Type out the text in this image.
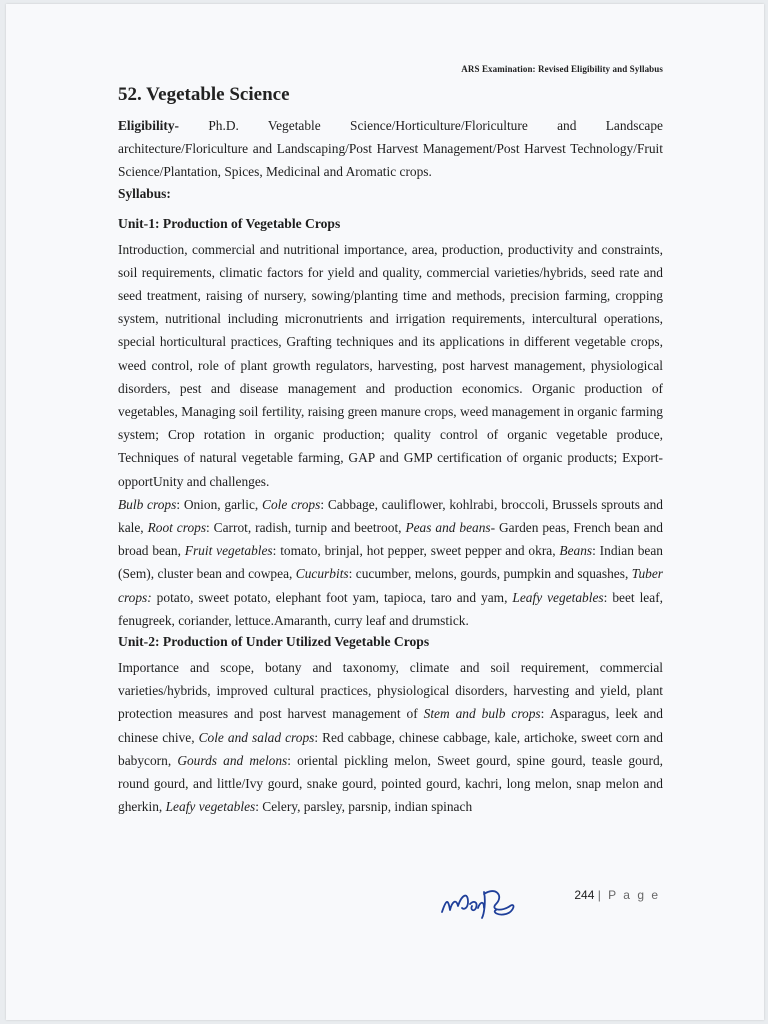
ARS Examination: Revised Eligibility and Syllabus
52. Vegetable Science

Eligibility- Ph.D. Vegetable Science/Horticulture/Floriculture and Landscape architecture/Floriculture and Landscaping/Post Harvest Management/Post Harvest Technology/Fruit Science/Plantation, Spices, Medicinal and Aromatic crops.

Syllabus:
Unit-1: Production of Vegetable Crops

Introduction, commercial and nutritional importance, area, production, productivity and constraints, soil requirements, climatic factors for yield and quality, commercial varieties/hybrids, seed rate and seed treatment, raising of nursery, sowing/planting time and methods, precision farming, cropping system, nutritional including micronutrients and irrigation requirements, intercultural operations, special horticultural practices, Grafting techniques and its applications in different vegetable crops, weed control, role of plant growth regulators, harvesting, post harvest management, physiological disorders, pest and disease management and production economics. Organic production of vegetables, Managing soil fertility, raising green manure crops, weed management in organic farming system; Crop rotation in organic production; quality control of organic vegetable produce, Techniques of natural vegetable farming, GAP and GMP certification of organic products; Export-opportUnity and challenges.

Bulb crops: Onion, garlic, Cole crops: Cabbage, cauliflower, kohlrabi, broccoli, Brussels sprouts and kale, Root crops: Carrot, radish, turnip and beetroot, Peas and beans- Garden peas, French bean and broad bean, Fruit vegetables: tomato, brinjal, hot pepper, sweet pepper and okra, Beans: Indian bean (Sem), cluster bean and cowpea, Cucurbits: cucumber, melons, gourds, pumpkin and squashes, Tuber crops: potato, sweet potato, elephant foot yam, tapioca, taro and yam, Leafy vegetables: beet leaf, fenugreek, coriander, lettuce.Amaranth, curry leaf and drumstick.

Unit-2: Production of Under Utilized Vegetable Crops

Importance and scope, botany and taxonomy, climate and soil requirement, commercial varieties/hybrids, improved cultural practices, physiological disorders, harvesting and yield, plant protection measures and post harvest management of Stem and bulb crops: Asparagus, leek and chinese chive, Cole and salad crops: Red cabbage, chinese cabbage, kale, artichoke, sweet corn and babycorn, Gourds and melons: oriental pickling melon, Sweet gourd, spine gourd, teasle gourd, round gourd, and little/Ivy gourd, snake gourd, pointed gourd, kachri, long melon, snap melon and gherkin, Leafy vegetables: Celery, parsley, parsnip, indian spinach

244 | P a g e
